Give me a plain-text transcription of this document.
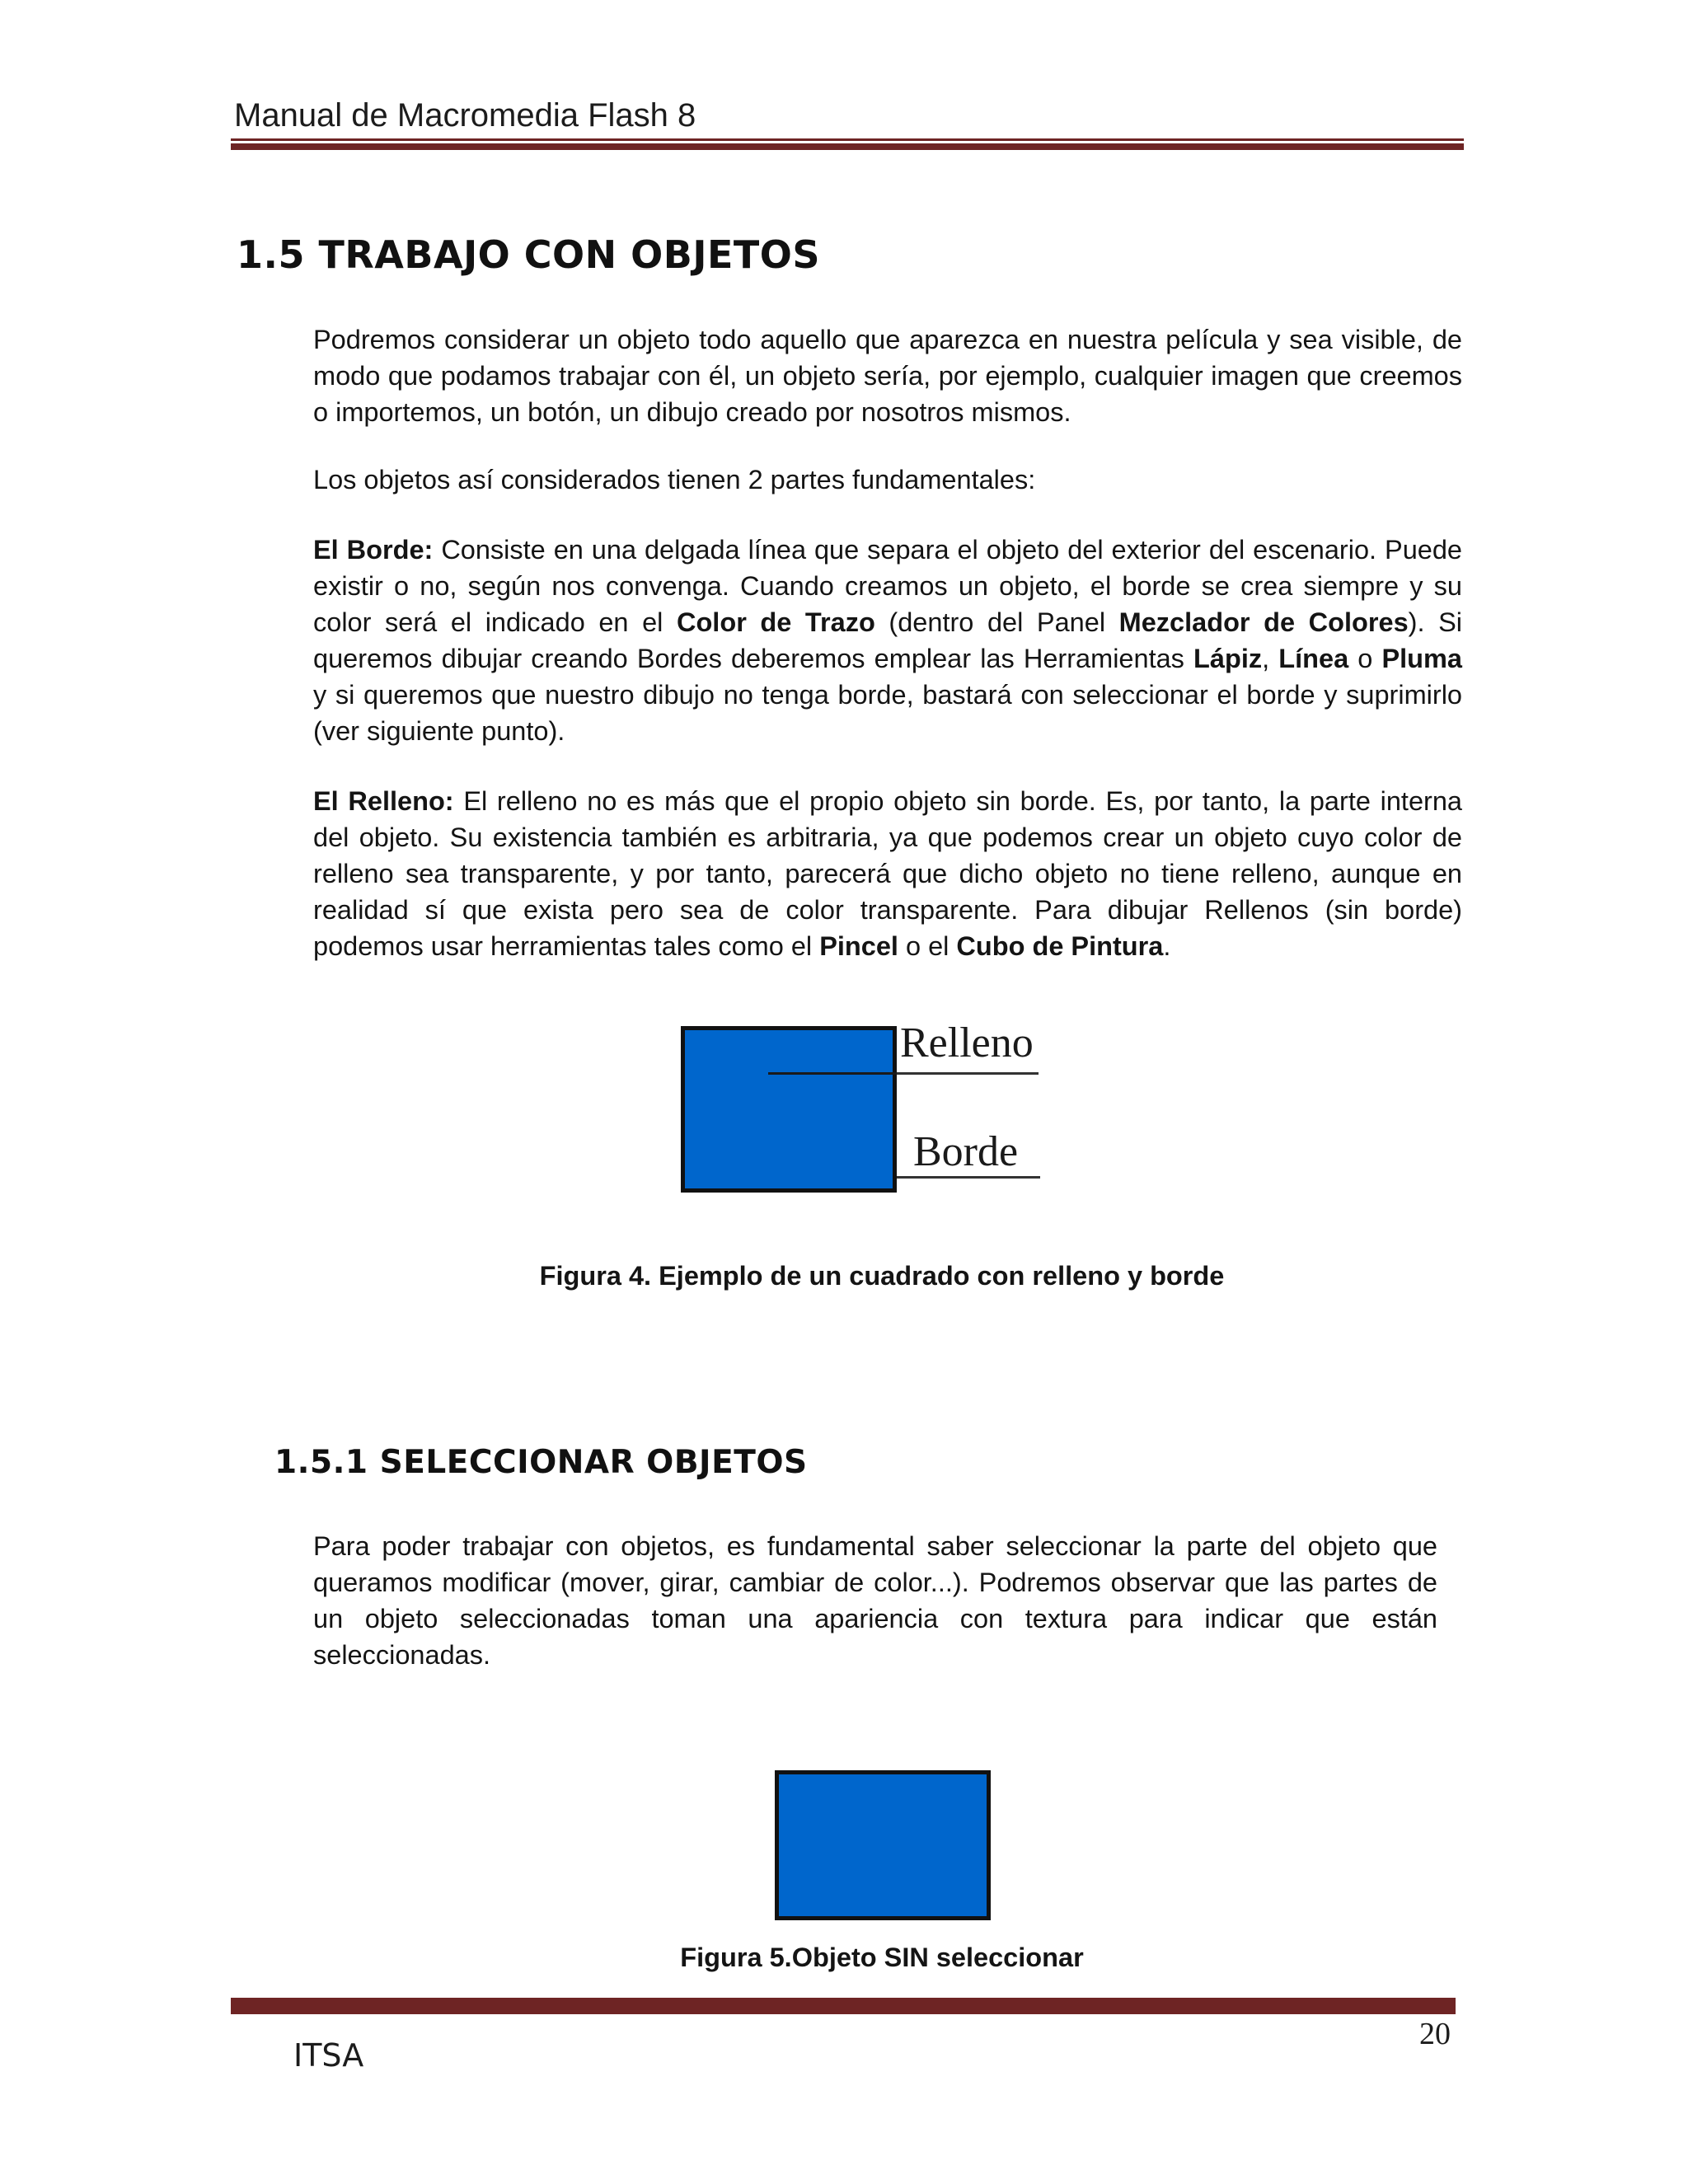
Manual de Macromedia Flash 8
1.5 TRABAJO CON OBJETOS

Podremos considerar un objeto todo aquello que aparezca en nuestra película y sea visible, de modo que podamos trabajar con él, un objeto sería, por ejemplo, cualquier imagen que creemos o importemos, un botón, un dibujo creado por nosotros mismos.

Los objetos así considerados tienen 2 partes fundamentales:

El Borde: Consiste en una delgada línea que separa el objeto del exterior del escenario. Puede existir o no, según nos convenga. Cuando creamos un objeto, el borde se crea siempre y su color será el indicado en el Color de Trazo (dentro del Panel Mezclador de Colores). Si queremos dibujar creando Bordes deberemos emplear las Herramientas Lápiz, Línea o Pluma y si queremos que nuestro dibujo no tenga borde, bastará con seleccionar el borde y suprimirlo (ver siguiente punto).

El Relleno: El relleno no es más que el propio objeto sin borde. Es, por tanto, la parte interna del objeto. Su existencia también es arbitraria, ya que podemos crear un objeto cuyo color de relleno sea transparente, y por tanto, parecerá que dicho objeto no tiene relleno, aunque en realidad sí que exista pero sea de color transparente. Para dibujar Rellenos (sin borde) podemos usar herramientas tales como el Pincel o el Cubo de Pintura.

Relleno
Borde
Figura 4. Ejemplo de un cuadrado con relleno y borde
1.5.1 SELECCIONAR OBJETOS

Para poder trabajar con objetos, es fundamental saber seleccionar la parte del objeto que queramos modificar (mover, girar, cambiar de color...). Podremos observar que las partes de un objeto seleccionadas toman una apariencia con textura para indicar que están seleccionadas.

Figura 5.Objeto SIN seleccionar
20
ITSA
